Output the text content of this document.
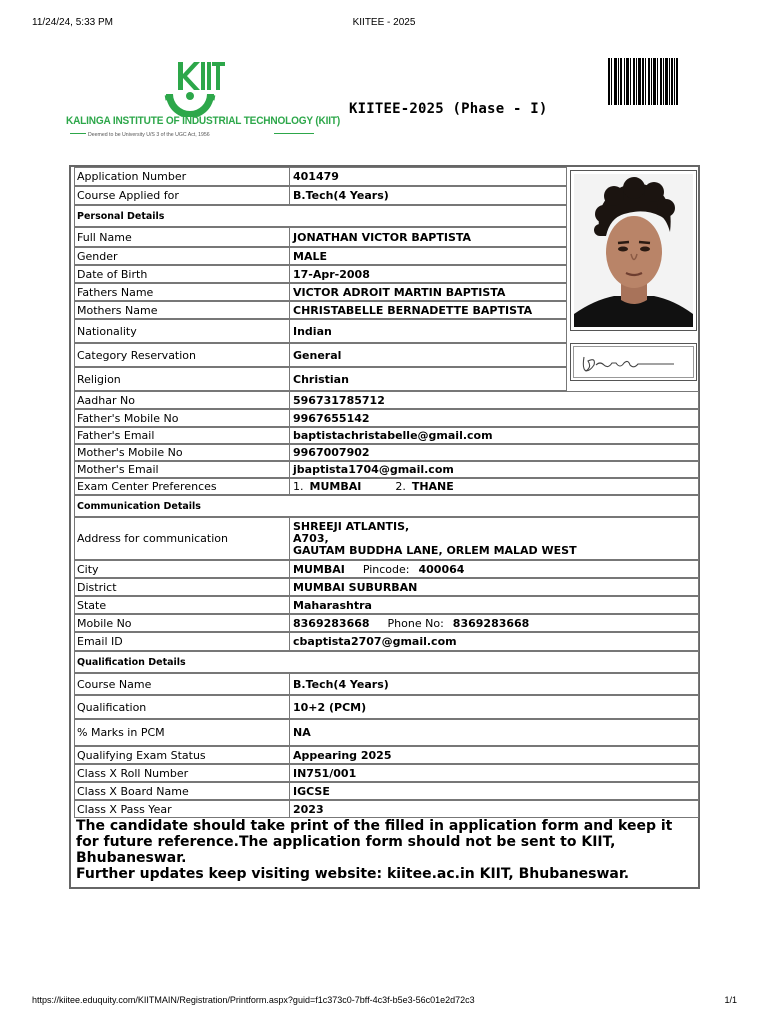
11/24/24, 5:33 PM	KIITEE - 2025
KALINGA INSTITUTE OF INDUSTRIAL TECHNOLOGY (KIIT)
Deemed to be University U/S 3 of the UGC Act, 1956
KIITEE-2025 (Phase - I)
Application Number	401479
Course Applied for	B.Tech(4 Years)
Personal Details
Full Name	JONATHAN VICTOR BAPTISTA
Gender	MALE
Date of Birth	17-Apr-2008
Fathers Name	VICTOR ADROIT MARTIN BAPTISTA
Mothers Name	CHRISTABELLE BERNADETTE BAPTISTA
Nationality	Indian
Category Reservation	General
Religion	Christian
Aadhar No	596731785712
Father's Mobile No	9967655142
Father's Email	baptistachristabelle@gmail.com
Mother's Mobile No	9967007902
Mother's Email	jbaptista1704@gmail.com
Exam Center Preferences	1. MUMBAI	2. THANE
Communication Details
Address for communication
SHREEJI ATLANTIS,
A703,
GAUTAM BUDDHA LANE, ORLEM MALAD WEST
City	MUMBAI Pincode: 400064
District	MUMBAI SUBURBAN
State	Maharashtra
Mobile No	8369283668 Phone No: 8369283668
Email ID	cbaptista2707@gmail.com
Qualification Details
Course Name	B.Tech(4 Years)
Qualification	10+2 (PCM)
% Marks in PCM	NA
Qualifying Exam Status	Appearing 2025
Class X Roll Number	IN751/001
Class X Board Name	IGCSE
Class X Pass Year	2023
The candidate should take print of the filled in application form and keep it for future reference.The application form should not be sent to KIIT, Bhubaneswar.
Further updates keep visiting website: kiitee.ac.in KIIT, Bhubaneswar.
https://kiitee.eduquity.com/KIITMAIN/Registration/Printform.aspx?guid=f1c373c0-7bff-4c3f-b5e3-56c01e2d72c3	1/1
